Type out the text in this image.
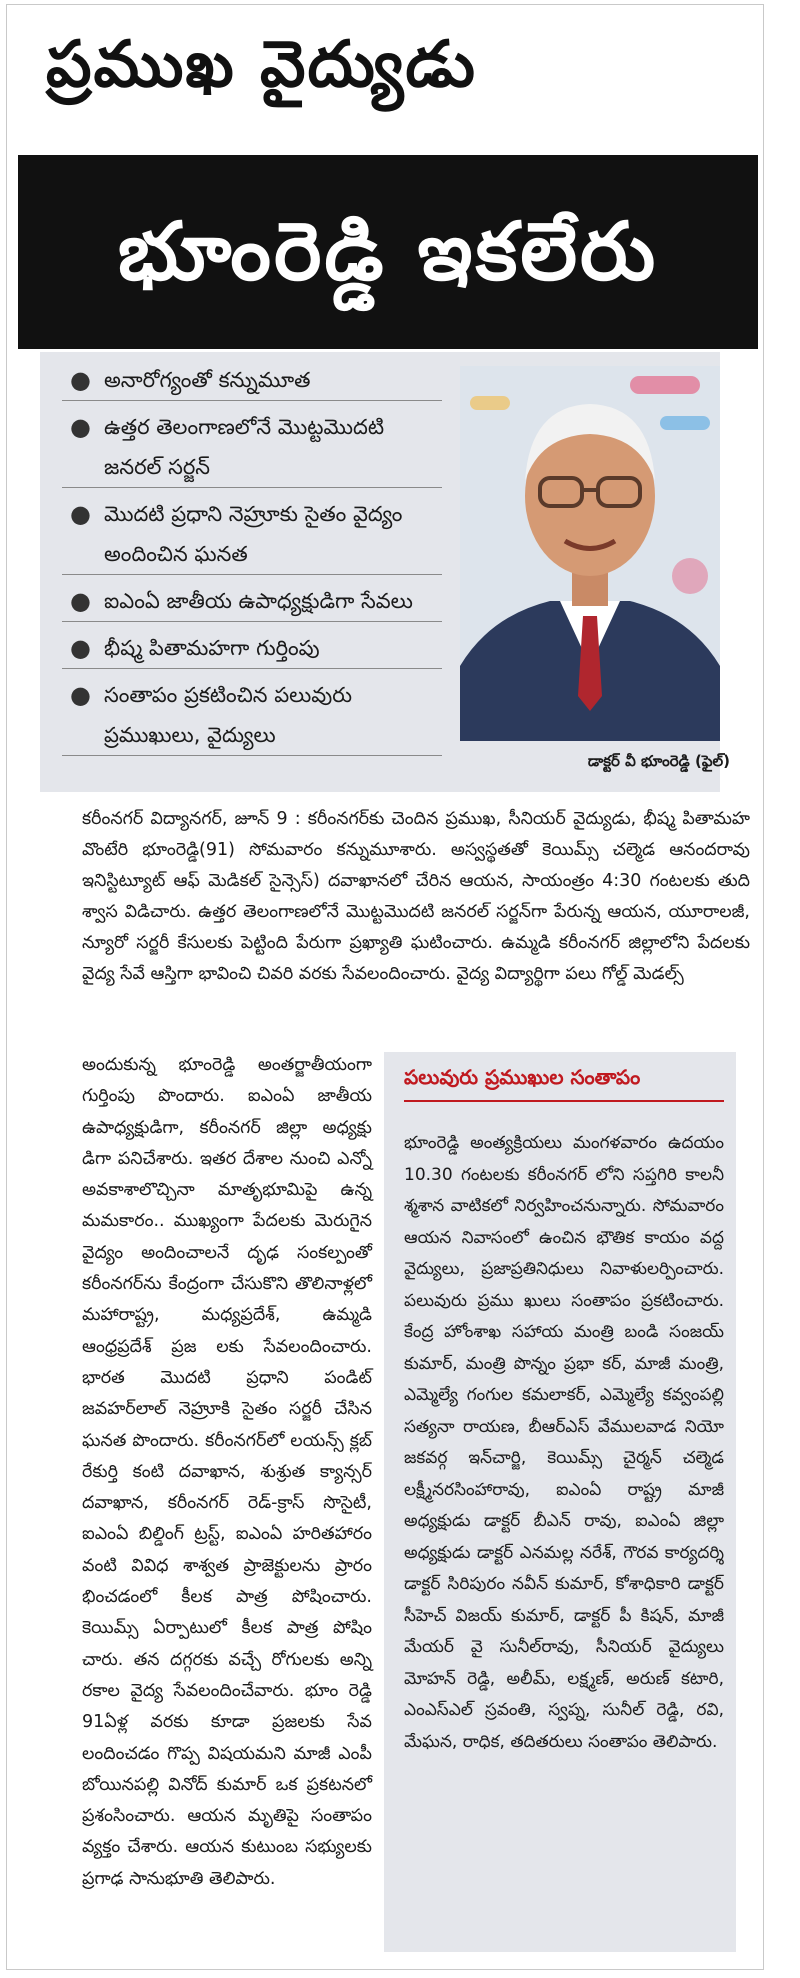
ప్రముఖ వైద్యుడు
భూంరెడ్డి ఇకలేరు
● అనారోగ్యంతో కన్నుమూత
● ఉత్తర తెలంగాణలోనే మొట్టమొదటి జనరల్ సర్జన్
● మొదటి ప్రధాని నెహ్రూకు సైతం వైద్యం అందించిన ఘనత
● ఐఎంఏ జాతీయ ఉపాధ్యక్షుడిగా సేవలు
● భీష్మ పితామహగా గుర్తింపు
● సంతాపం ప్రకటించిన పలువురు ప్రముఖులు, వైద్యులు
డాక్టర్ వీ భూంరెడ్డి (ఫైల్)

కరీంనగర్ విద్యానగర్, జూన్ 9 : కరీంనగర్‌కు చెందిన ప్రముఖ, సీనియర్ వైద్యుడు, భీష్మ పితామహ వొంటేరి భూంరెడ్డి(91) సోమవారం కన్నుమూశారు. అస్వస్థతతో కెయిమ్స్ చల్మెడ ఆనందరావు ఇనిస్టిట్యూట్ ఆఫ్ మెడికల్ సైన్సెస్) దవాఖానలో చేరిన ఆయన, సాయంత్రం 4:30 గంటలకు తుది శ్వాస విడిచారు. ఉత్తర తెలంగాణలోనే మొట్టమొదటి జనరల్ సర్జన్‌గా పేరున్న ఆయన, యూరాలజీ, న్యూరో సర్జరీ కేసులకు పెట్టింది పేరుగా ప్రఖ్యాతి ఘటించారు. ఉమ్మడి కరీంనగర్ జిల్లాలోని పేదలకు వైద్య సేవే ఆస్తిగా భావించి చివరి వరకు సేవలందించారు. వైద్య విద్యార్థిగా పలు గోల్డ్ మెడల్స్

అందుకున్న భూంరెడ్డి అంతర్జాతీయంగా గుర్తింపు పొందారు. ఐఎంఏ జాతీయ ఉపాధ్యక్షుడిగా, కరీంనగర్ జిల్లా అధ్యక్షు డిగా పనిచేశారు. ఇతర దేశాల నుంచి ఎన్నో అవకాశాలొచ్చినా మాతృభూమిపై ఉన్న మమకారం.. ముఖ్యంగా పేదలకు మెరుగైన వైద్యం అందించాలనే దృఢ సంకల్పంతో కరీంనగర్‌ను కేంద్రంగా చేసుకొని తొలినాళ్లలో మహారాష్ట్ర, మధ్యప్రదేశ్, ఉమ్మడి ఆంధ్రప్రదేశ్ ప్రజ లకు సేవలందించారు. భారత మొదటి ప్రధాని పండిట్ జవహర్‌లాల్ నెహ్రూకి సైతం సర్జరీ చేసిన ఘనత పొందారు. కరీంనగర్‌లో లయన్స్ క్లబ్ రేకుర్తి కంటి దవాఖాన, శుశ్రుత క్యాన్సర్ దవాఖాన, కరీంనగర్ రెడ్-క్రాస్ సొసైటీ, ఐఎంఏ బిల్డింగ్ ట్రస్ట్, ఐఎంఏ హరితహారం వంటి వివిధ శాశ్వత ప్రాజెక్టులను ప్రారం భించడంలో కీలక పాత్ర పోషించారు. కెయిమ్స్ ఏర్పాటులో కీలక పాత్ర పోషిం చారు. తన దగ్గరకు వచ్చే రోగులకు అన్ని రకాల వైద్య సేవలందించేవారు. భూం రెడ్డి 91ఏళ్ల వరకు కూడా ప్రజలకు సేవ లందించడం గొప్ప విషయమని మాజీ ఎంపీ బోయినపల్లి వినోద్ కుమార్ ఒక ప్రకటనలో ప్రశంసించారు. ఆయన మృతిపై సంతాపం వ్యక్తం చేశారు. ఆయన కుటుంబ సభ్యులకు ప్రగాఢ సానుభూతి తెలిపారు.

పలువురు ప్రముఖుల సంతాపం

భూంరెడ్డి అంత్యక్రియలు మంగళవారం ఉదయం 10.30 గంటలకు కరీంనగర్ లోని సప్తగిరి కాలనీ శ్మశాన వాటికలో నిర్వహించనున్నారు. సోమవారం ఆయన నివాసంలో ఉంచిన భౌతిక కాయం వద్ద వైద్యులు, ప్రజాప్రతినిధులు నివాళులర్పించారు. పలువురు ప్రము ఖులు సంతాపం ప్రకటించారు. కేంద్ర హోంశాఖ సహాయ మంత్రి బండి సంజయ్ కుమార్, మంత్రి పొన్నం ప్రభా కర్, మాజీ మంత్రి, ఎమ్మెల్యే గంగుల కమలాకర్, ఎమ్మెల్యే కవ్వంపల్లి సత్యనా రాయణ, బీఆర్ఎస్ వేములవాడ నియో జకవర్గ ఇన్‌చార్జి, కెయిమ్స్ చైర్మన్ చల్మెడ లక్ష్మీనరసింహారావు, ఐఎంఏ రాష్ట్ర మాజీ అధ్యక్షుడు డాక్టర్ బీఎన్ రావు, ఐఎంఏ జిల్లా అధ్యక్షుడు డాక్టర్ ఎనమల్ల నరేశ్, గౌరవ కార్యదర్శి డాక్టర్ సిరిపురం నవీన్ కుమార్, కోశాధికారి డాక్టర్ సీహెచ్ విజయ్ కుమార్, డాక్టర్ పీ కిషన్, మాజీ మేయర్ వై సునీల్‌రావు, సీనియర్ వైద్యులు మోహన్ రెడ్డి, అలీమ్, లక్ష్మణ్, అరుణ్ కటారి, ఎంఎస్ఎల్ స్రవంతి, స్వప్న, సునీల్ రెడ్డి, రవి, మేఘన, రాధిక, తదితరులు సంతాపం తెలిపారు.
